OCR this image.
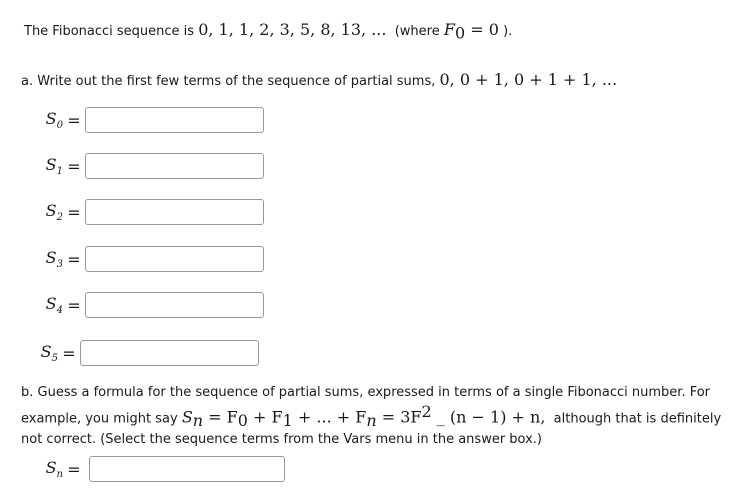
The Fibonacci sequence is 0, 1, 1, 2, 3, 5, 8, 13, ... (where $F_0 = 0$ ).
a. Write out the first few terms of the sequence of partial sums, 0, 0 + 1, 0 + 1 + 1, ...
$S_0$ =
$S_1$ =
$S_2$ =
$S_3$ =
$S_4$ =
$S_5$ =
b. Guess a formula for the sequence of partial sums, expressed in terms of a single Fibonacci number. For
example, you might say $S_n = F_0 + F_1$ + ... + $F_n = 3F^2$ _ (n − 1) + n, although that is definitely
not correct. (Select the sequence terms from the Vars menu in the answer box.)
$S_n$ =
